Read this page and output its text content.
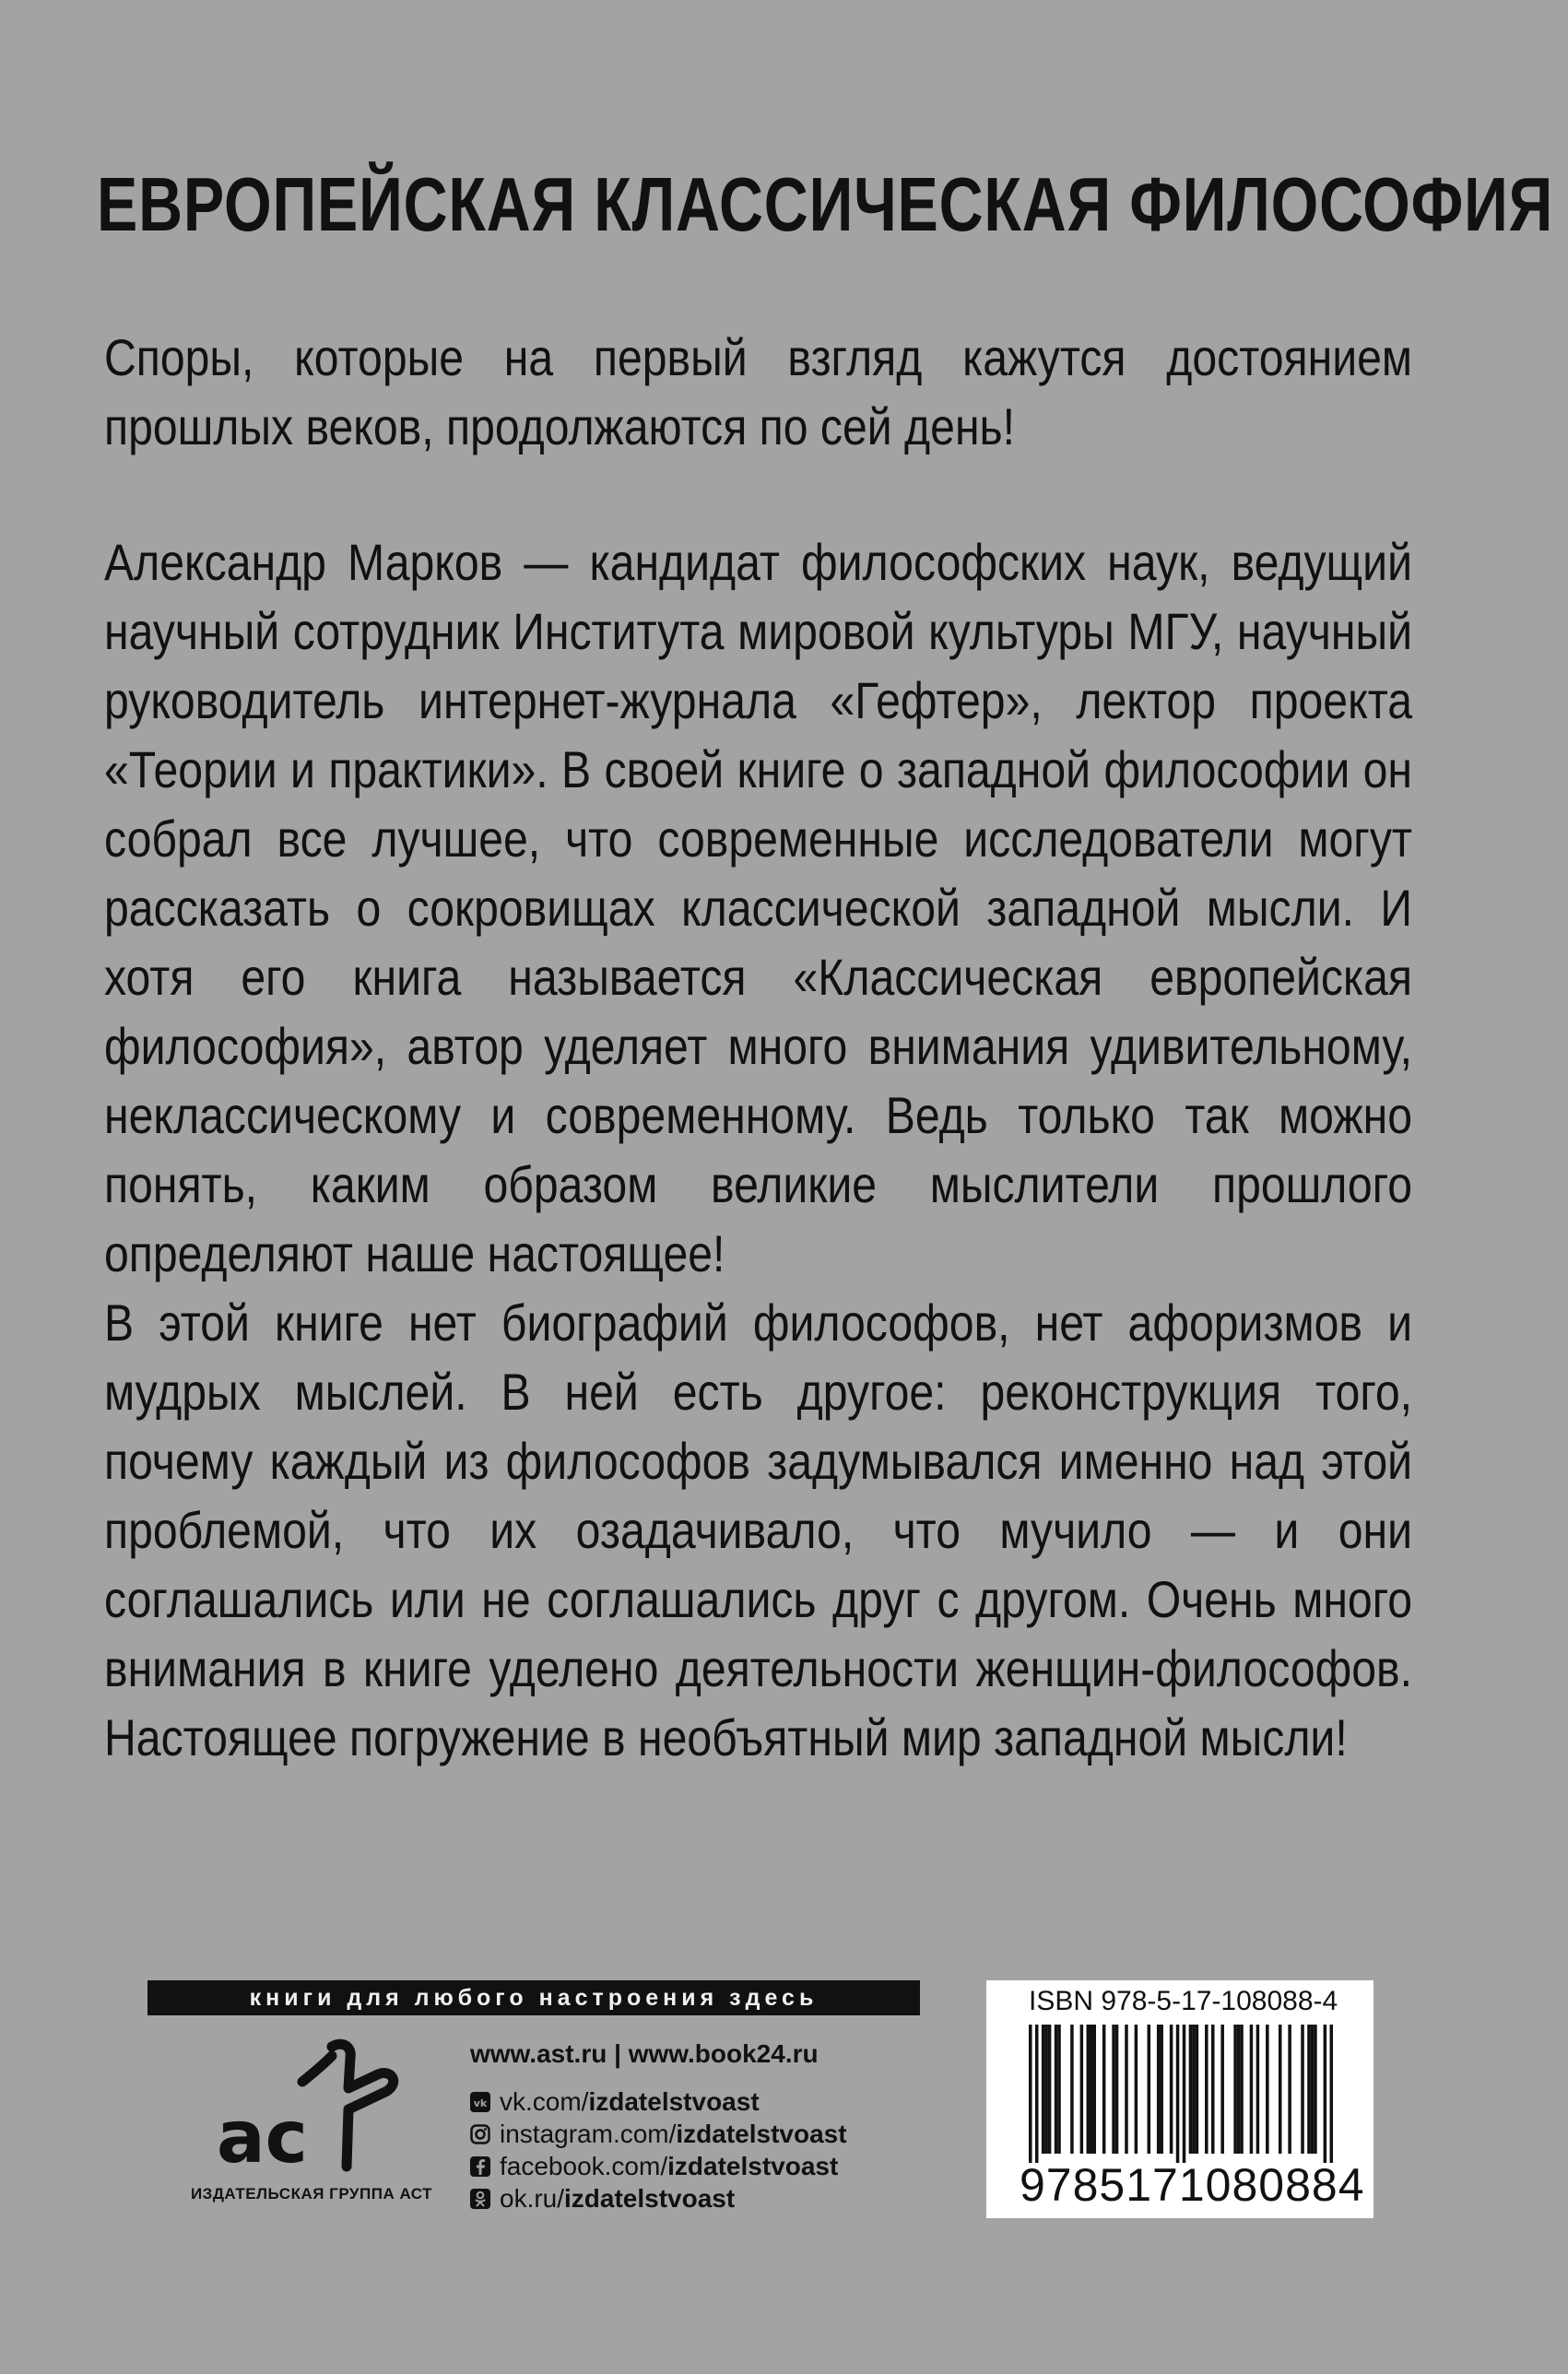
ЕВРОПЕЙСКАЯ КЛАССИЧЕСКАЯ ФИЛОСОФИЯ

Споры, которые на первый взгляд кажутся достоянием прошлых веков, продолжаются по сей день!

Александр Марков — кандидат философских наук, ведущий научный сотрудник Института мировой культуры МГУ, научный руководитель интернет-журнала «Гефтер», лектор проекта «Теории и практики». В своей книге о западной философии он собрал все лучшее, что современные исследователи могут рассказать о сокровищах классической западной мысли. И хотя его книга называется «Классическая европейская философия», автор уделяет много внимания удивительному, неклассическому и современному. Ведь только так можно понять, каким образом великие мыслители прошлого определяют наше настоящее!

В этой книге нет биографий философов, нет афоризмов и мудрых мыслей. В ней есть другое: реконструкция того, почему каждый из философов задумывался именно над этой проблемой, что их озадачивало, что мучило — и они соглашались или не соглашались друг с другом. Очень много внимания в книге уделено деятельности женщин-философов. Настоящее погружение в необъятный мир западной мысли!

книги для любого настроения здесь
ac
ИЗДАТЕЛЬСКАЯ ГРУППА АСТ
www.ast.ru | www.book24.ru
vk vk.com/ izdatelstvoast
instagram.com/ izdatelstvoast
facebook.com/ izdatelstvoast
ok.ru/ izdatelstvoast
ISBN 978-5-17-108088-4
9785171080884
